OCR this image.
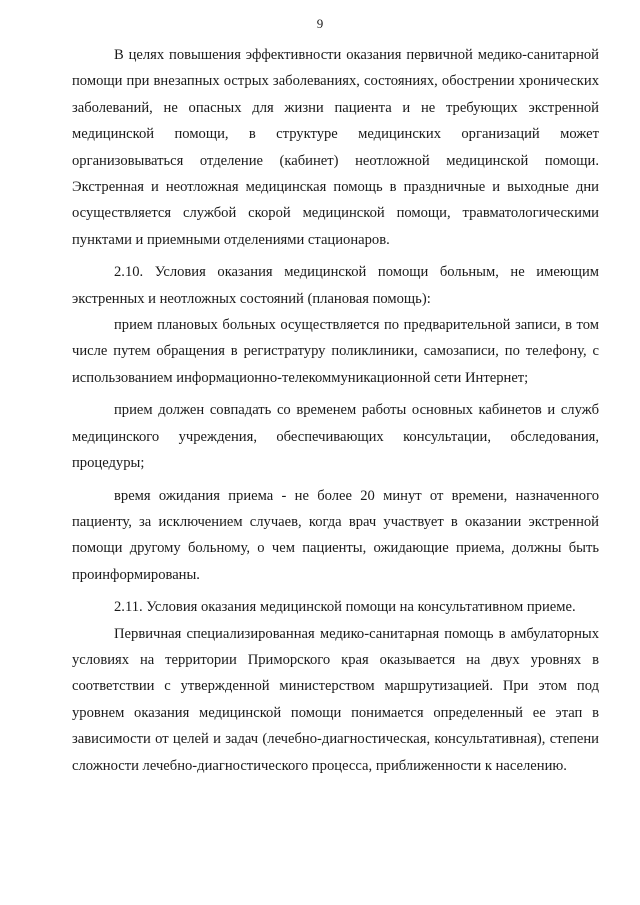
9

В целях повышения эффективности оказания первичной медико-санитарной помощи при внезапных острых заболеваниях, состояниях, обострении хронических заболеваний, не опасных для жизни пациента и не требующих экстренной медицинской помощи, в структуре медицинских организаций может организовываться отделение (кабинет) неотложной медицинской помощи. Экстренная и неотложная медицинская помощь в праздничные и выходные дни осуществляется службой скорой медицинской помощи, травматологическими пунктами и приемными отделениями стационаров.

2.10. Условия оказания медицинской помощи больным, не имеющим экстренных и неотложных состояний (плановая помощь):

прием плановых больных осуществляется по предварительной записи, в том числе путем обращения в регистратуру поликлиники, самозаписи, по телефону, с использованием информационно-телекоммуникационной сети Интернет;

прием должен совпадать со временем работы основных кабинетов и служб медицинского учреждения, обеспечивающих консультации, обследования, процедуры;

время ожидания приема - не более 20 минут от времени, назначенного пациенту, за исключением случаев, когда врач участвует в оказании экстренной помощи другому больному, о чем пациенты, ожидающие приема, должны быть проинформированы.

2.11. Условия оказания медицинской помощи на консультативном приеме.

Первичная специализированная медико-санитарная помощь в амбулаторных условиях на территории Приморского края оказывается на двух уровнях в соответствии с утвержденной министерством маршрутизацией. При этом под уровнем оказания медицинской помощи понимается определенный ее этап в зависимости от целей и задач (лечебно-диагностическая, консультативная), степени сложности лечебно-диагностического процесса, приближенности к населению.
